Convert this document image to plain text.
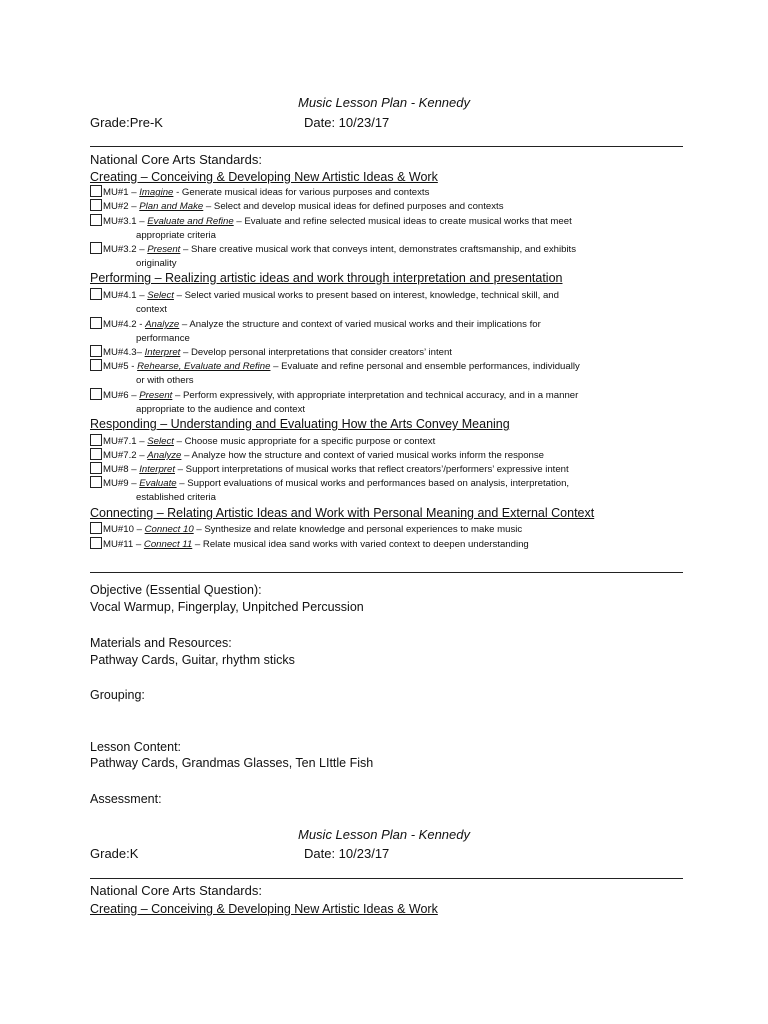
Music Lesson Plan - Kennedy
Grade:Pre-K	Date: 10/23/17
National Core Arts Standards:
Creating – Conceiving & Developing New Artistic Ideas & Work
MU#1 – Imagine - Generate musical ideas for various purposes and contexts
MU#2 – Plan and Make – Select and develop musical ideas for defined purposes and contexts
MU#3.1 – Evaluate and Refine – Evaluate and refine selected musical ideas to create musical works that meet
appropriate criteria
MU#3.2 – Present – Share creative musical work that conveys intent, demonstrates craftsmanship, and exhibits
originality
Performing – Realizing artistic ideas and work through interpretation and presentation
MU#4.1 – Select – Select varied musical works to present based on interest, knowledge, technical skill, and
context
MU#4.2 - Analyze – Analyze the structure and context of varied musical works and their implications for
performance
MU#4.3– Interpret – Develop personal interpretations that consider creators’ intent
MU#5 - Rehearse, Evaluate and Refine – Evaluate and refine personal and ensemble performances, individually
or with others
MU#6 – Present – Perform expressively, with appropriate interpretation and technical accuracy, and in a manner
appropriate to the audience and context
Responding – Understanding and Evaluating How the Arts Convey Meaning
MU#7.1 – Select – Choose music appropriate for a specific purpose or context
MU#7.2 – Analyze – Analyze how the structure and context of varied musical works inform the response
MU#8 – Interpret – Support interpretations of musical works that reflect creators’/performers’ expressive intent
MU#9 – Evaluate – Support evaluations of musical works and performances based on analysis, interpretation,
established criteria
Connecting – Relating Artistic Ideas and Work with Personal Meaning and External Context
MU#10 – Connect 10 – Synthesize and relate knowledge and personal experiences to make music
MU#11 – Connect 11 – Relate musical idea sand works with varied context to deepen understanding
Objective (Essential Question):
Vocal Warmup, Fingerplay, Unpitched Percussion
Materials and Resources:
Pathway Cards, Guitar, rhythm sticks
Grouping:
Lesson Content:
Pathway Cards, Grandmas Glasses, Ten LIttle Fish
Assessment:
Music Lesson Plan - Kennedy
Grade:K	Date: 10/23/17
National Core Arts Standards:
Creating – Conceiving & Developing New Artistic Ideas & Work
